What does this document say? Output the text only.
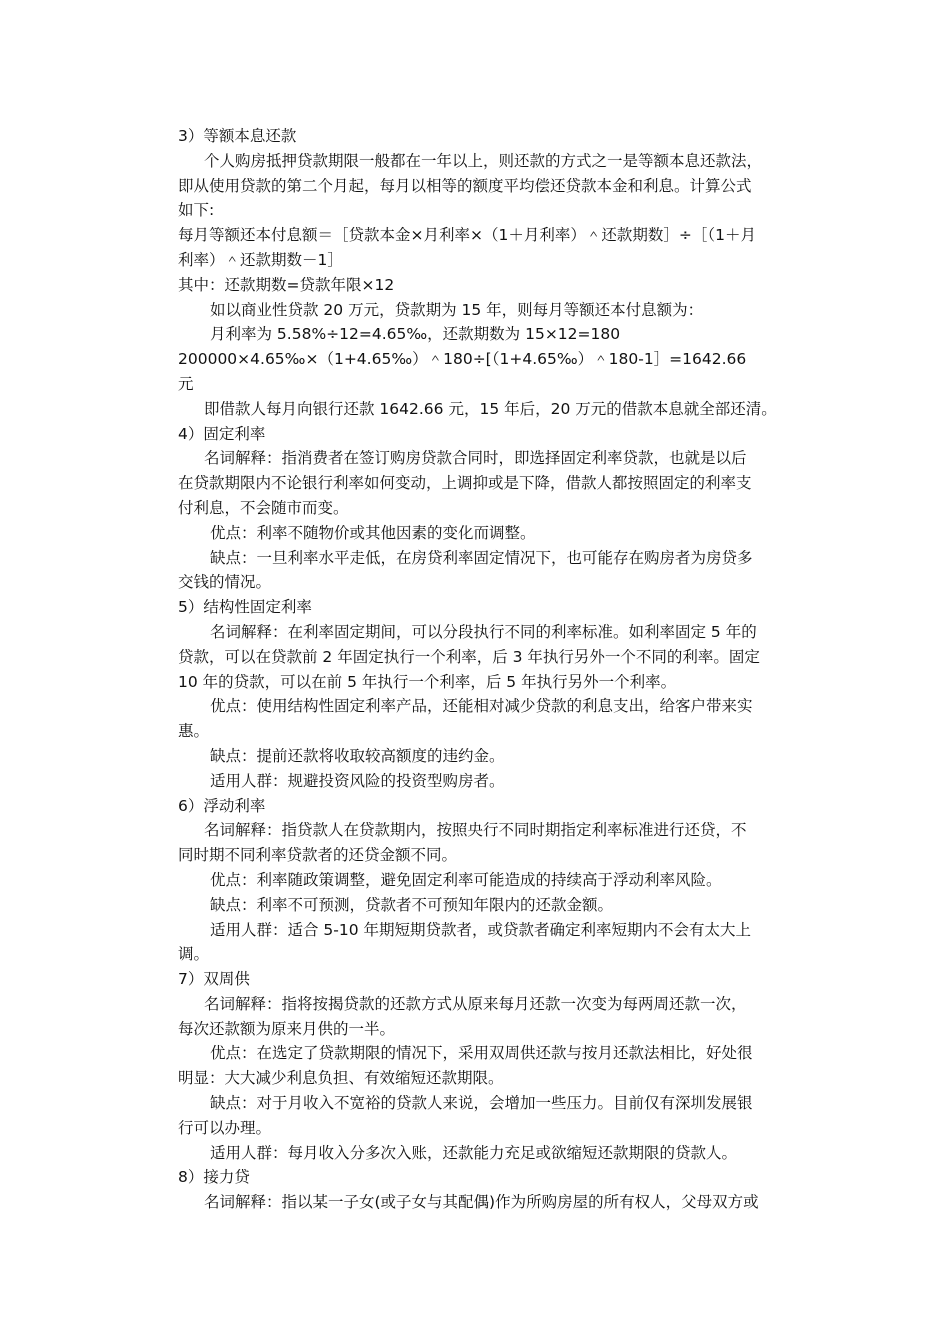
3）等额本息还款
个人购房抵押贷款期限一般都在一年以上，则还款的方式之一是等额本息还款法，
即从使用贷款的第二个月起，每月以相等的额度平均偿还贷款本金和利息。计算公式
如下:
每月等额还本付息额＝［贷款本金×月利率×（1＋月利率）＾还款期数］÷［（1＋月
利率）＾还款期数－1］
其中：还款期数=贷款年限×12
如以商业性贷款 20 万元，贷款期为 15 年，则每月等额还本付息额为：
月利率为 5.58%÷12=4.65‰，还款期数为 15×12=180
200000×4.65‰×（1+4.65‰）＾180÷[（1+4.65‰）＾180-1］=1642.66
元
即借款人每月向银行还款 1642.66 元，15 年后，20 万元的借款本息就全部还清。
4）固定利率
名词解释：指消费者在签订购房贷款合同时，即选择固定利率贷款，也就是以后
在贷款期限内不论银行利率如何变动，上调抑或是下降，借款人都按照固定的利率支
付利息，不会随市而变。
优点：利率不随物价或其他因素的变化而调整。
缺点：一旦利率水平走低，在房贷利率固定情况下，也可能存在购房者为房贷多
交钱的情况。
5）结构性固定利率
名词解释：在利率固定期间，可以分段执行不同的利率标准。如利率固定 5 年的
贷款，可以在贷款前 2 年固定执行一个利率，后 3 年执行另外一个不同的利率。固定
10 年的贷款，可以在前 5 年执行一个利率，后 5 年执行另外一个利率。
优点：使用结构性固定利率产品，还能相对减少贷款的利息支出，给客户带来实
惠。
缺点：提前还款将收取较高额度的违约金。
适用人群：规避投资风险的投资型购房者。
6）浮动利率
名词解释：指贷款人在贷款期内，按照央行不同时期指定利率标准进行还贷，不
同时期不同利率贷款者的还贷金额不同。
优点：利率随政策调整，避免固定利率可能造成的持续高于浮动利率风险。
缺点：利率不可预测，贷款者不可预知年限内的还款金额。
适用人群：适合 5-10 年期短期贷款者，或贷款者确定利率短期内不会有太大上
调。
7）双周供
名词解释：指将按揭贷款的还款方式从原来每月还款一次变为每两周还款一次，
每次还款额为原来月供的一半。
优点：在选定了贷款期限的情况下，采用双周供还款与按月还款法相比，好处很
明显：大大减少利息负担、有效缩短还款期限。
缺点：对于月收入不宽裕的贷款人来说，会增加一些压力。目前仅有深圳发展银
行可以办理。
适用人群：每月收入分多次入账，还款能力充足或欲缩短还款期限的贷款人。
8）接力贷
名词解释：指以某一子女(或子女与其配偶)作为所购房屋的所有权人，父母双方或
